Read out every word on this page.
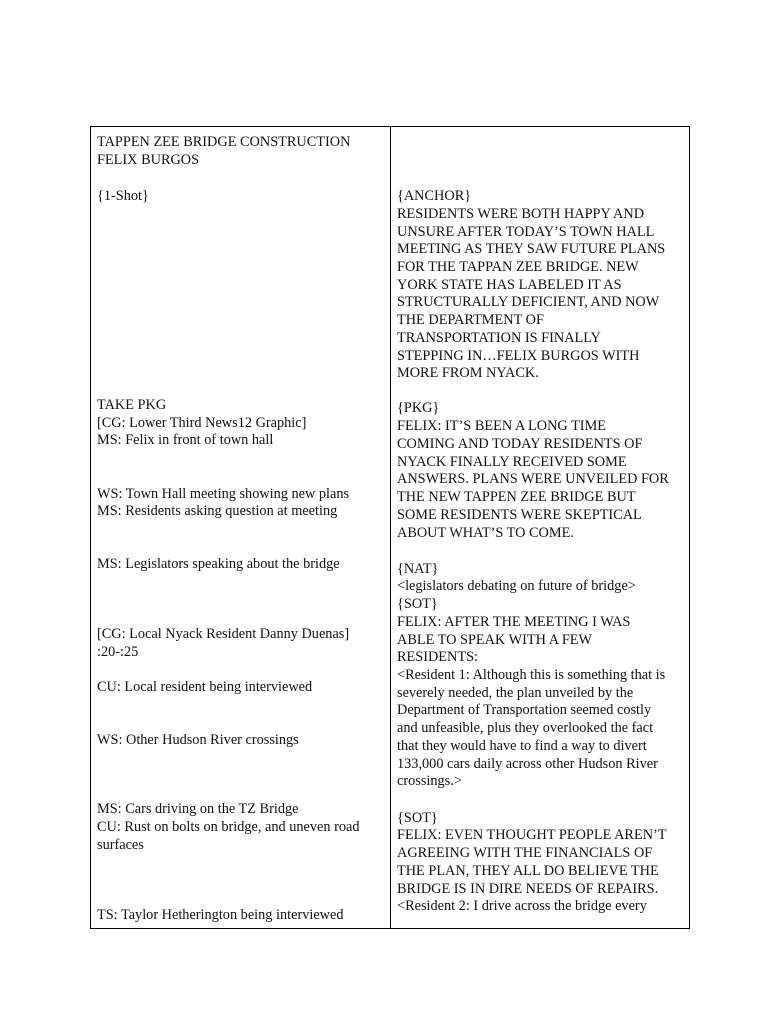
TAPPEN ZEE BRIDGE CONSTRUCTION
FELIX BURGOS
{1-Shot}
TAKE PKG
[CG: Lower Third News12 Graphic]
MS: Felix in front of town hall
WS: Town Hall meeting showing new plans
MS: Residents asking question at meeting
MS: Legislators speaking about the bridge
[CG: Local Nyack Resident Danny Duenas]
:20-:25
CU: Local resident being interviewed
WS: Other Hudson River crossings
MS: Cars driving on the TZ Bridge
CU: Rust on bolts on bridge, and uneven road
surfaces
TS: Taylor Hetherington being interviewed
{ANCHOR}
RESIDENTS WERE BOTH HAPPY AND
UNSURE AFTER TODAY’S TOWN HALL
MEETING AS THEY SAW FUTURE PLANS
FOR THE TAPPAN ZEE BRIDGE. NEW
YORK STATE HAS LABELED IT AS
STRUCTURALLY DEFICIENT, AND NOW
THE DEPARTMENT OF
TRANSPORTATION IS FINALLY
STEPPING IN…FELIX BURGOS WITH
MORE FROM NYACK.
{PKG}
FELIX: IT’S BEEN A LONG TIME
COMING AND TODAY RESIDENTS OF
NYACK FINALLY RECEIVED SOME
ANSWERS. PLANS WERE UNVEILED FOR
THE NEW TAPPEN ZEE BRIDGE BUT
SOME RESIDENTS WERE SKEPTICAL
ABOUT WHAT’S TO COME.
{NAT}
<legislators debating on future of bridge>
{SOT}
FELIX: AFTER THE MEETING I WAS
ABLE TO SPEAK WITH A FEW
RESIDENTS:
<Resident 1: Although this is something that is
severely needed, the plan unveiled by the
Department of Transportation seemed costly
and unfeasible, plus they overlooked the fact
that they would have to find a way to divert
133,000 cars daily across other Hudson River
crossings.>
{SOT}
FELIX: EVEN THOUGHT PEOPLE AREN’T
AGREEING WITH THE FINANCIALS OF
THE PLAN, THEY ALL DO BELIEVE THE
BRIDGE IS IN DIRE NEEDS OF REPAIRS.
<Resident 2: I drive across the bridge every
